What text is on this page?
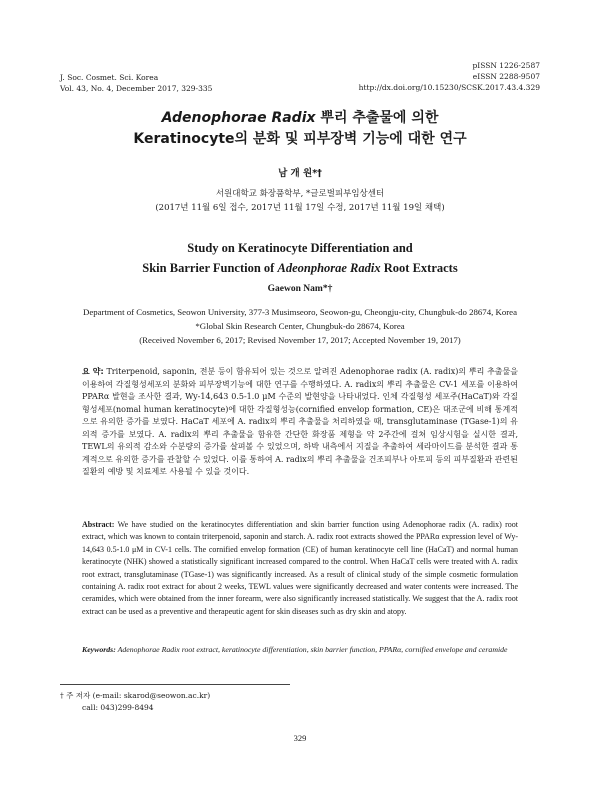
J. Soc. Cosmet. Sci. Korea
Vol. 43, No. 4, December 2017, 329-335
pISSN 1226-2587
eISSN 2288-9507
http://dx.doi.org/10.15230/SCSK.2017.43.4.329
Adenophorae Radix 뿌리 추출물에 의한
Keratinocyte의 분화 및 피부장벽 기능에 대한 연구
남 개 원*†
서원대학교 화장품학부, *글로벌피부임상센터
(2017년 11월 6일 접수, 2017년 11월 17일 수정, 2017년 11월 19일 채택)
Study on Keratinocyte Differentiation and
Skin Barrier Function of Adeonphorae Radix Root Extracts
Gaewon Nam*†
Department of Cosmetics, Seowon University, 377-3 Musimseoro, Seowon-gu, Cheongju-city, Chungbuk-do 28674, Korea
*Global Skin Research Center, Chungbuk-do 28674, Korea
(Received November 6, 2017; Revised November 17, 2017; Accepted November 19, 2017)
요 약: Triterpenoid, saponin, 전분 등이 함유되어 있는 것으로 알려진 Adenophorae radix (A. radix)의 뿌리 추출물을 이용하여 각질형성세포의 분화와 피부장벽기능에 대한 연구를 수행하였다. A. radix의 뿌리 추출물은 CV-1 세포를 이용하여 PPARα 발현을 조사한 결과, Wy-14,643 0.5-1.0 μM 수준의 발현양을 나타내었다. 인체 각질형성 세포주(HaCaT)와 각질형성세포(nomal human keratinocyte)에 대한 각질형성능(cornified envelop formation, CE)은 대조군에 비해 통계적으로 유의한 증가를 보였다. HaCaT 세포에 A. radix의 뿌리 추출물을 처리하였을 때, transglutaminase (TGase-1)의 유의적 증가를 보였다. A. radix의 뿌리 추출물을 함유한 간단한 화장품 제형을 약 2주간에 걸쳐 임상시험을 실시한 결과, TEWL의 유의적 감소와 수분량의 증가를 살펴볼 수 있었으며, 하박 내측에서 지질을 추출하여 세라마이드를 분석한 결과 통계적으로 유의한 증가를 관찰할 수 있었다. 이를 통하여 A. radix의 뿌리 추출물을 건조피부나 아토피 등의 피부질환과 관련된 질환의 예방 및 치료제로 사용될 수 있을 것이다.
Abstract: We have studied on the keratinocytes differentiation and skin barrier function using Adenophorae radix (A. radix) root extract, which was known to contain triterpenoid, saponin and starch. A. radix root extracts showed the PPARα expression level of Wy-14,643 0.5-1.0 μM in CV-1 cells. The cornified envelop formation (CE) of human keratinocyte cell line (HaCaT) and normal human keratinocyte (NHK) showed a statistically significant increased compared to the control. When HaCaT cells were treated with A. radix root extract, transglutaminase (TGase-1) was significantly increased. As a result of clinical study of the simple cosmetic formulation containing A. radix root extract for about 2 weeks, TEWL values were significantly decreased and water contents were increased. The ceramides, which were obtained from the inner forearm, were also significantly increased statistically. We suggest that the A. radix root extract can be used as a preventive and therapeutic agent for skin diseases such as dry skin and atopy.
Keywords: Adenophorae Radix root extract, keratinocyte differentiation, skin barrier function, PPARα, cornified envelope and ceramide
† 주 저자 (e-mail: skarod@seowon.ac.kr)
call: 043)299-8494
329
